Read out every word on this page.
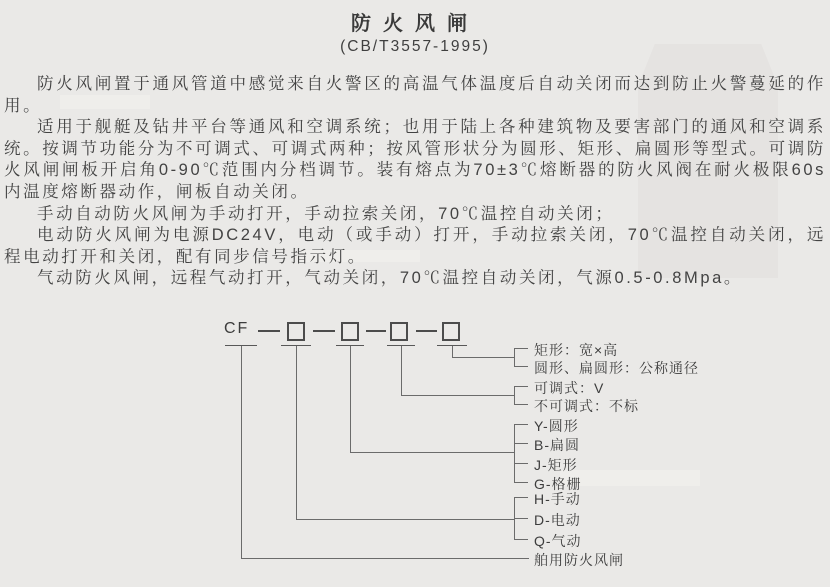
防火风闸

(CB/T3557-1995)

防火风闸置于通风管道中感觉来自火警区的高温气体温度后自动关闭而达到防止火警蔓延的作用。

适用于舰艇及钻井平台等通风和空调系统；也用于陆上各种建筑物及要害部门的通风和空调系统。按调节功能分为不可调式、可调式两种；按风管形状分为圆形、矩形、扁圆形等型式。可调防火风闸闸板开启角0-90℃范围内分档调节。装有熔点为70±3℃熔断器的防火风阀在耐火极限60s内温度熔断器动作，闸板自动关闭。

手动自动防火风闸为手动打开，手动拉索关闭，70℃温控自动关闭；

电动防火风闸为电源DC24V，电动（或手动）打开，手动拉索关闭，70℃温控自动关闭，远程电动打开和关闭，配有同步信号指示灯。

气动防火风闸，远程气动打开，气动关闭，70℃温控自动关闭，气源0.5-0.8Mpa。

CF
矩形：宽×高
圆形、扁圆形：公称通径
可调式：V
不可调式：不标
Y-圆形
B-扁圆
J-矩形
G-格栅
H-手动
D-电动
Q-气动
舶用防火风闸
